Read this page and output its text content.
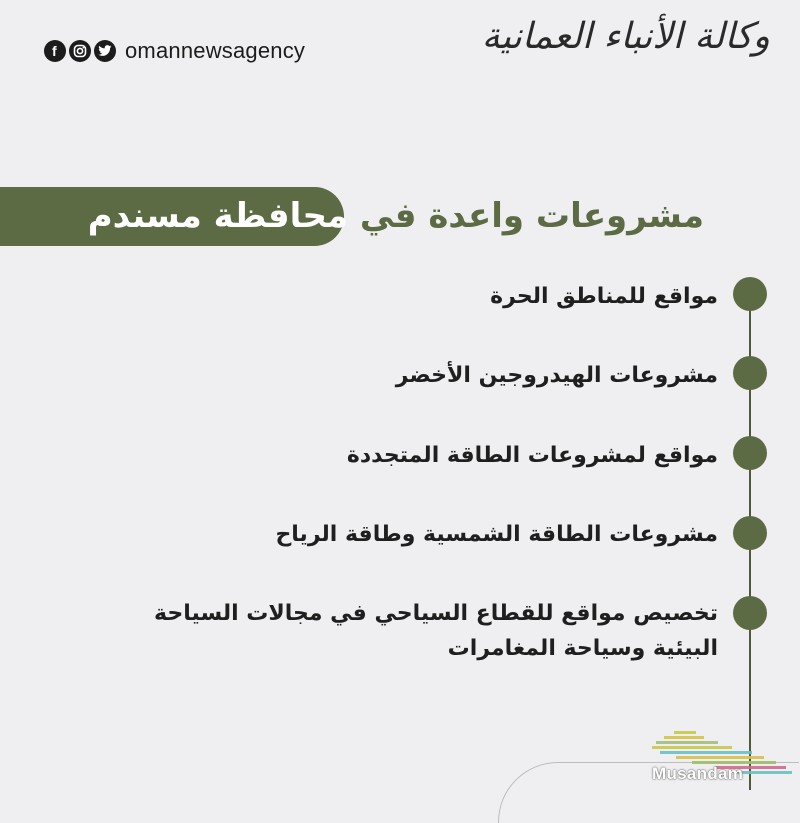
f	omannewsagency	وكالة الأنباء العمانية
مشروعات واعدة في محافظة مسندم
مواقع للمناطق الحرة
مشروعات الهيدروجين الأخضر
مواقع لمشروعات الطاقة المتجددة
مشروعات الطاقة الشمسية وطاقة الرياح
تخصيص مواقع للقطاع السياحي في مجالات السياحة
البيئية وسياحة المغامرات
Musandam
